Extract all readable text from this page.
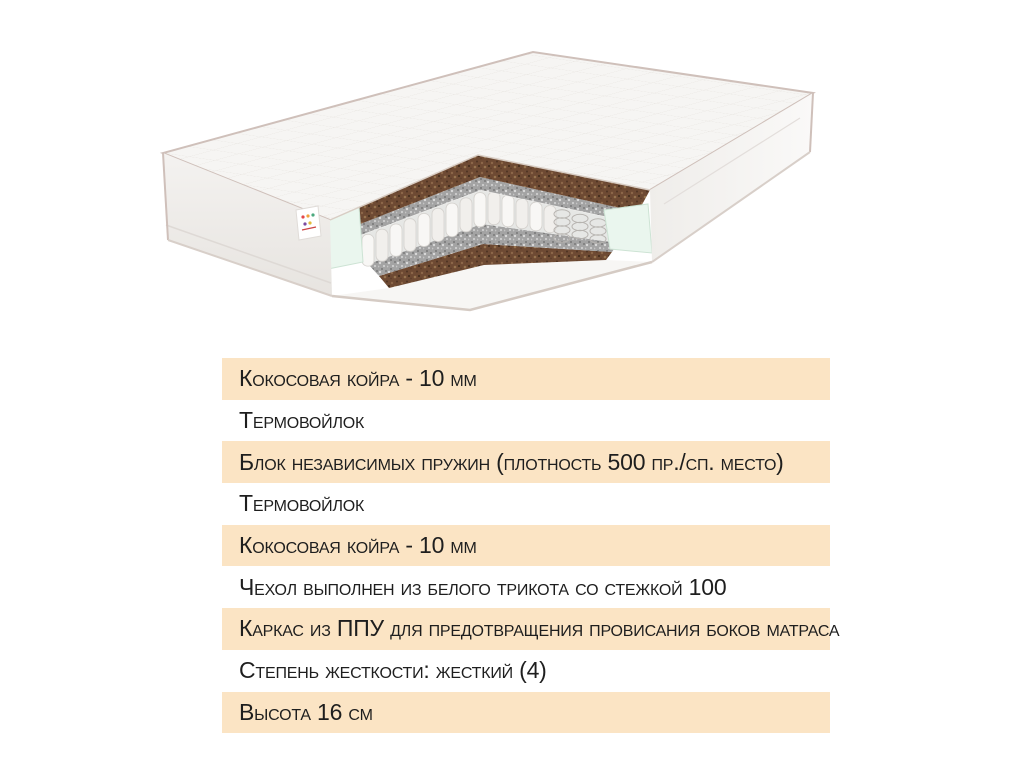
Кокосовая койра - 10 мм
Термовойлок
Блок независимых пружин (плотность 500 пр./сп. место)
Термовойлок
Кокосовая койра - 10 мм
Чехол выполнен из белого трикота со стежкой 100
Каркас из ППУ для предотвращения провисания боков матраса
Степень жесткости: жесткий (4)
Высота 16 см
